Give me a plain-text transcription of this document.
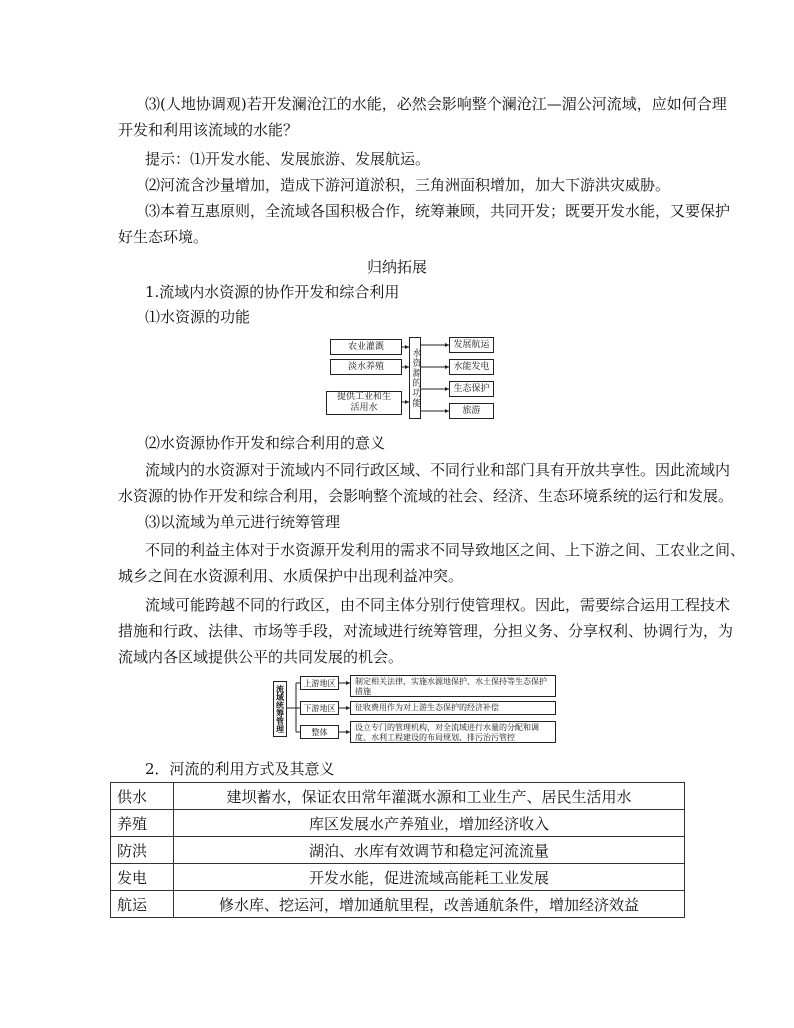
⑶(人地协调观)若开发澜沧江的水能，必然会影响整个澜沧江—湄公河流域，应如何合理
开发和利用该流域的水能？
提示：⑴开发水能、发展旅游、发展航运。
⑵河流含沙量增加，造成下游河道淤积，三角洲面积增加，加大下游洪灾威胁。
⑶本着互惠原则，全流域各国积极合作，统筹兼顾，共同开发；既要开发水能，又要保护
好生态环境。
归纳拓展
1.流域内水资源的协作开发和综合利用
⑴水资源的功能
农业灌溉
淡水养殖
提供工业和生活用水	水资源的功能
发展航运
水能发电
生态保护
旅游
⑵水资源协作开发和综合利用的意义
流域内的水资源对于流域内不同行政区域、不同行业和部门具有开放共享性。因此流域内
水资源的协作开发和综合利用，会影响整个流域的社会、经济、生态环境系统的运行和发展。
⑶以流域为单元进行统筹管理
不同的利益主体对于水资源开发利用的需求不同导致地区之间、上下游之间、工农业之间、
城乡之间在水资源利用、水质保护中出现利益冲突。
流域可能跨越不同的行政区，由不同主体分别行使管理权。因此，需要综合运用工程技术
措施和行政、法律、市场等手段，对流域进行统筹管理，分担义务、分享权利、协调行为，为
流域内各区域提供公平的共同发展的机会。
流域统筹管理
上游地区
下游地区
整体
制定相关法律，实施水源地保护、水土保持等生态保护措施
征收费用作为对上游生态保护的经济补偿
设立专门的管理机构，对全流域进行水量的分配和调度、水利工程建设的布局规划、排污治污管控
2．河流的利用方式及其意义
供水	建坝蓄水，保证农田常年灌溉水源和工业生产、居民生活用水
养殖	库区发展水产养殖业，增加经济收入
防洪	湖泊、水库有效调节和稳定河流流量
发电	开发水能，促进流域高能耗工业发展
航运	修水库、挖运河，增加通航里程，改善通航条件，增加经济效益
